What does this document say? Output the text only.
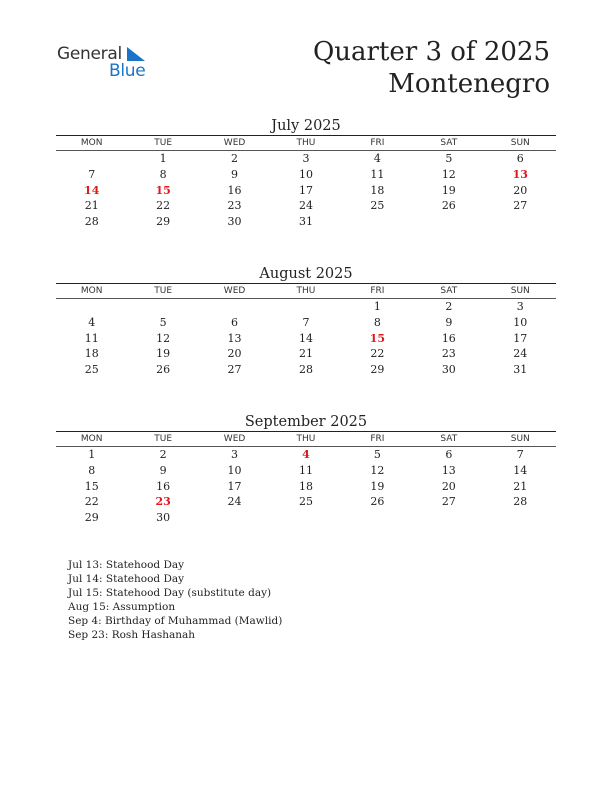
General
Blue
Quarter 3 of 2025
Montenegro
July 2025
MON	TUE	WED	THU	FRI	SAT	SUN
	1	2	3	4	5	6
7	8	9	10	11	12	13
14	15	16	17	18	19	20
21	22	23	24	25	26	27
28	29	30	31			
August 2025
MON	TUE	WED	THU	FRI	SAT	SUN
				1	2	3
4	5	6	7	8	9	10
11	12	13	14	15	16	17
18	19	20	21	22	23	24
25	26	27	28	29	30	31
September 2025
MON	TUE	WED	THU	FRI	SAT	SUN
1	2	3	4	5	6	7
8	9	10	11	12	13	14
15	16	17	18	19	20	21
22	23	24	25	26	27	28
29	30					
Jul 13: Statehood Day
Jul 14: Statehood Day
Jul 15: Statehood Day (substitute day)
Aug 15: Assumption
Sep 4: Birthday of Muhammad (Mawlid)
Sep 23: Rosh Hashanah
